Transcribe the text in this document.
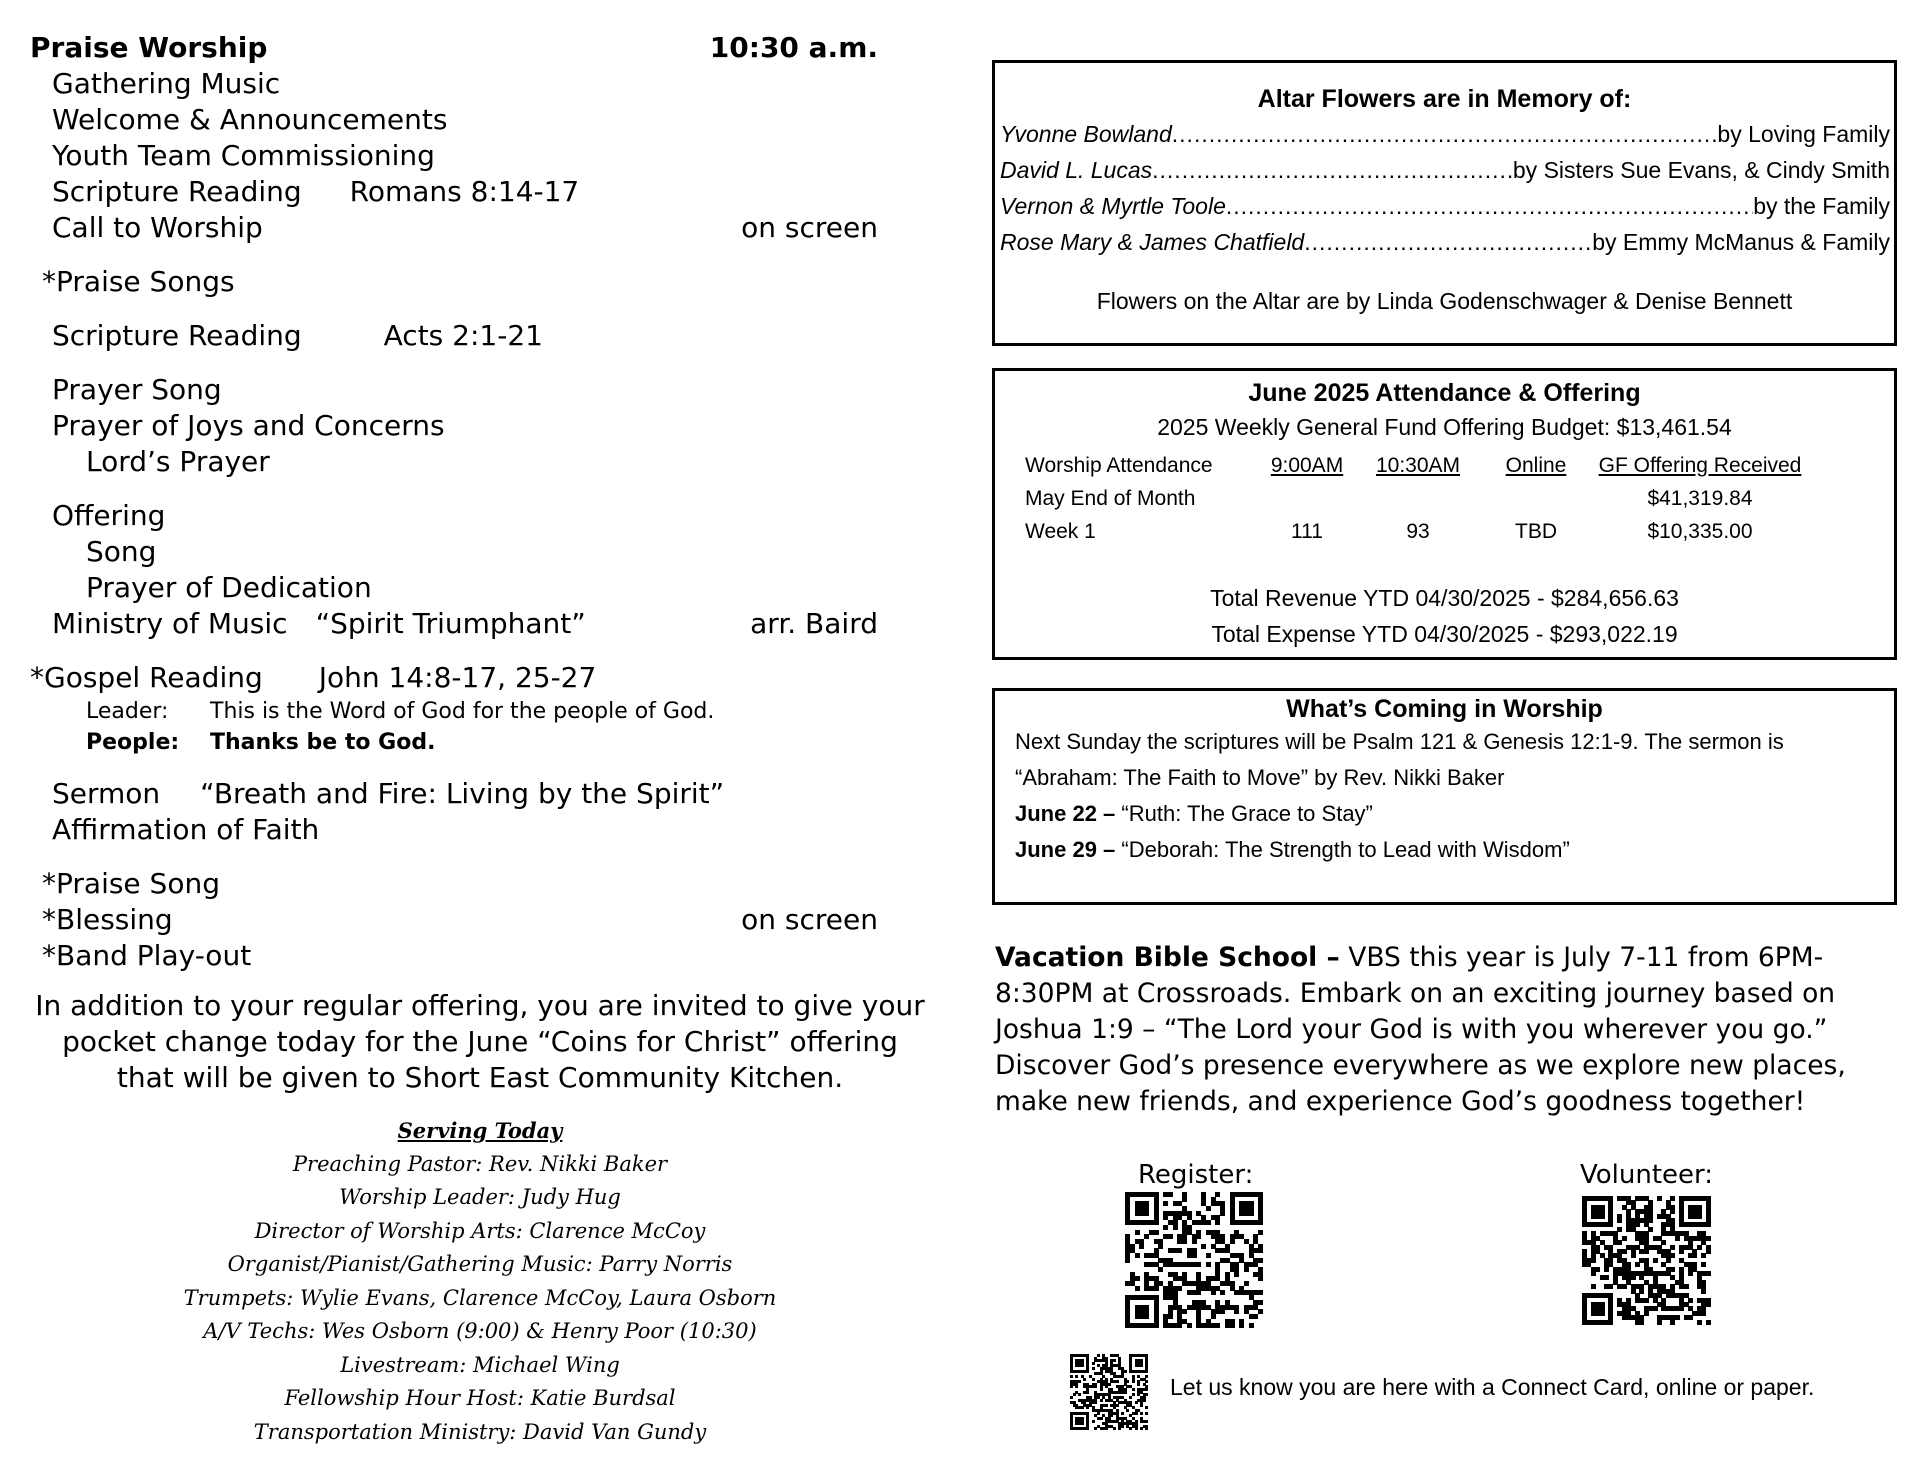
Praise Worship	10:30 a.m.
Gathering Music
Welcome & Announcements
Youth Team Commissioning
Scripture Reading Romans 8:14-17
Call to Worship	on screen
*Praise Songs
Scripture Reading	Acts 2:1-21
Prayer Song
Prayer of Joys and Concerns
Lord’s Prayer
Offering
Song
Prayer of Dedication
Ministry of Music “Spirit Triumphant”	arr. Baird
*Gospel Reading John 14:8-17, 25-27
Leader: This is the Word of God for the people of God.
People: Thanks be to God.
Sermon “Breath and Fire: Living by the Spirit”
Affirmation of Faith
*Praise Song
*Blessing	on screen
*Band Play-out
In addition to your regular offering, you are invited to give your pocket change today for the June “Coins for Christ” offering that will be given to Short East Community Kitchen.
Serving Today
Preaching Pastor: Rev. Nikki Baker
Worship Leader: Judy Hug
Director of Worship Arts: Clarence McCoy
Organist/Pianist/Gathering Music: Parry Norris
Trumpets: Wylie Evans, Clarence McCoy, Laura Osborn
A/V Techs: Wes Osborn (9:00) & Henry Poor (10:30)
Livestream: Michael Wing
Fellowship Hour Host: Katie Burdsal
Transportation Ministry: David Van Gundy
Altar Flowers are in Memory of:
Yvonne Bowland .....	by Loving Family
David L. Lucas .....	by Sisters Sue Evans, & Cindy Smith
Vernon & Myrtle Toole .....	by the Family
Rose Mary & James Chatfield .....	by Emmy McManus & Family
Flowers on the Altar are by Linda Godenschwager & Denise Bennett
June 2025 Attendance & Offering
2025 Weekly General Fund Offering Budget: $13,461.54
Worship Attendance	9:00AM	10:30AM	Online	GF Offering Received
May End of Month				$41,319.84
Week 1	111	93	TBD	$10,335.00
Total Revenue YTD 04/30/2025 - $284,656.63
Total Expense YTD 04/30/2025 - $293,022.19
What’s Coming in Worship
Next Sunday the scriptures will be Psalm 121 & Genesis 12:1-9. The sermon is “Abraham: The Faith to Move” by Rev. Nikki Baker
June 22 – “Ruth: The Grace to Stay”
June 29 – “Deborah: The Strength to Lead with Wisdom”
Vacation Bible School – VBS this year is July 7-11 from 6PM-8:30PM at Crossroads. Embark on an exciting journey based on Joshua 1:9 – “The Lord your God is with you wherever you go.” Discover God’s presence everywhere as we explore new places, make new friends, and experience God’s goodness together!
Register:	Volunteer:
Let us know you are here with a Connect Card, online or paper.
